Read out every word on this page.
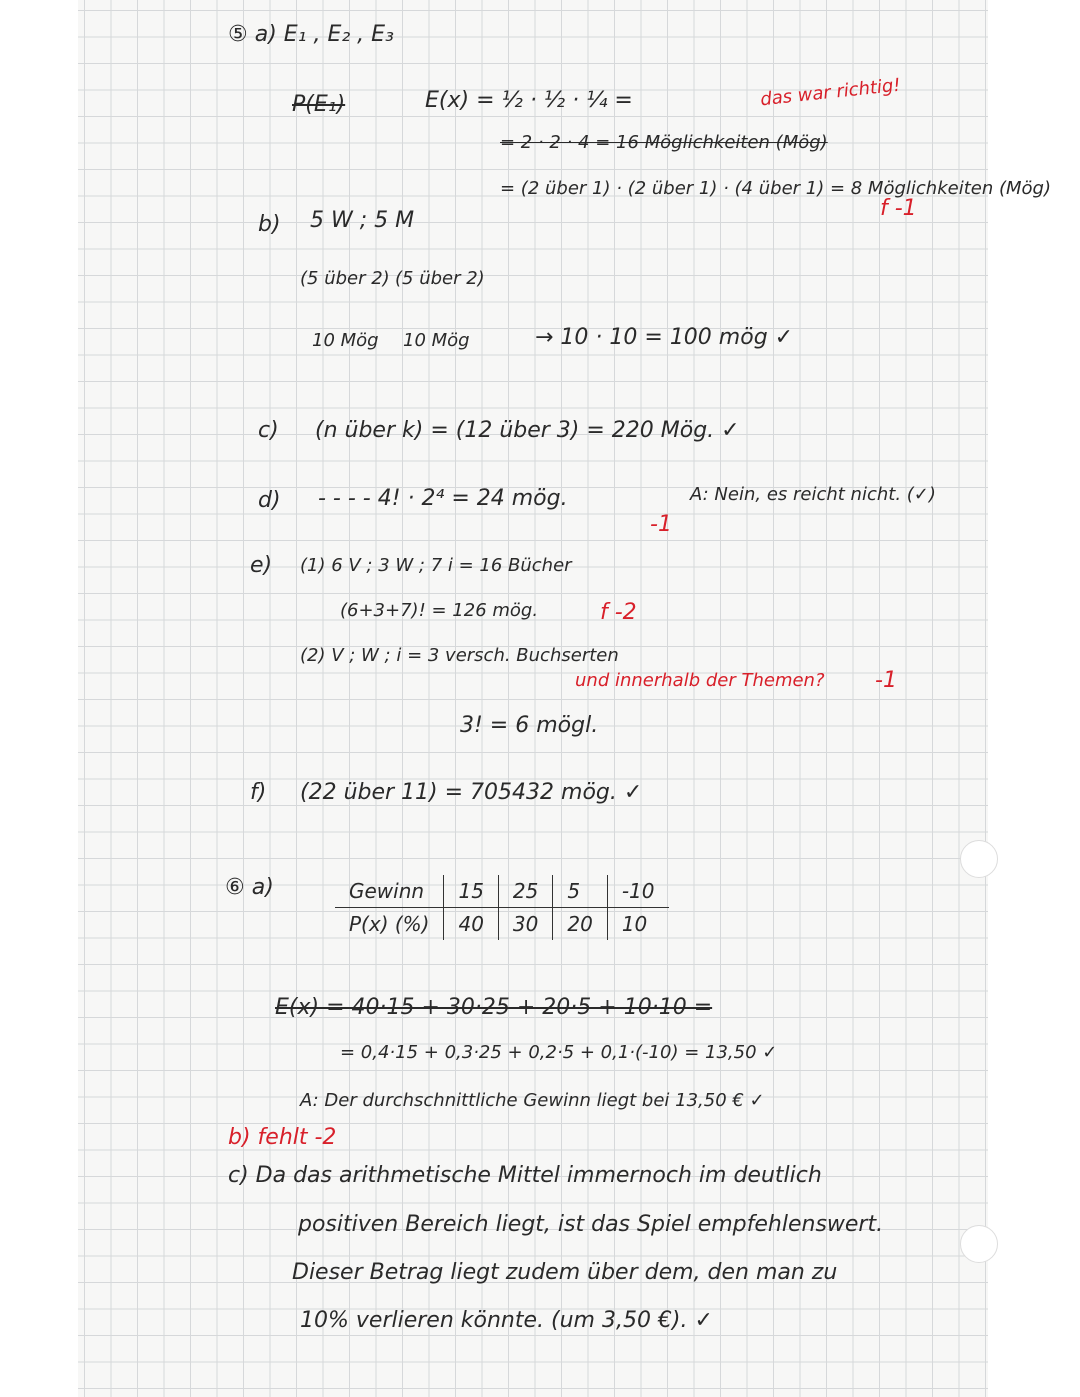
⑤ a) E₁ , E₂ , E₃
P(E₁)	E(x) = ½ · ½ · ¼ =	das war richtig!
= 2 · 2 · 4 = 16 Möglichkeiten (Mög)
= (2 über 1) · (2 über 1) · (4 über 1) = 8 Möglichkeiten (Mög)
f -1
b) 5 W ; 5 M
(5 über 2) (5 über 2)
10 Mög 10 Mög	→ 10 · 10 = 100 mög ✓
c) (n über k) = (12 über 3) = 220 Mög. ✓
d) - - - - 4! · 2⁴ = 24 mög.
-1
A: Nein, es reicht nicht. (✓)
e) (1) 6 V ; 3 W ; 7 i = 16 Bücher
(6+3+7)! = 126 mög.	f -2
(2) V ; W ; i = 3 versch. Buchserten
und innerhalb der Themen? -1
3! = 6 mögl.
f) (22 über 11) = 705432 mög. ✓
⑥ a)	Gewinn	15	25	5	-10
P(x) (%)	40	30	20	10
E(x) = 40·15 + 30·25 + 20·5 + 10·10 =
= 0,4·15 + 0,3·25 + 0,2·5 + 0,1·(-10) = 13,50 ✓
A: Der durchschnittliche Gewinn liegt bei 13,50 € ✓
b) fehlt -2
c) Da das arithmetische Mittel immernoch im deutlich
positiven Bereich liegt, ist das Spiel empfehlenswert.
Dieser Betrag liegt zudem über dem, den man zu
10% verlieren könnte. (um 3,50 €). ✓
